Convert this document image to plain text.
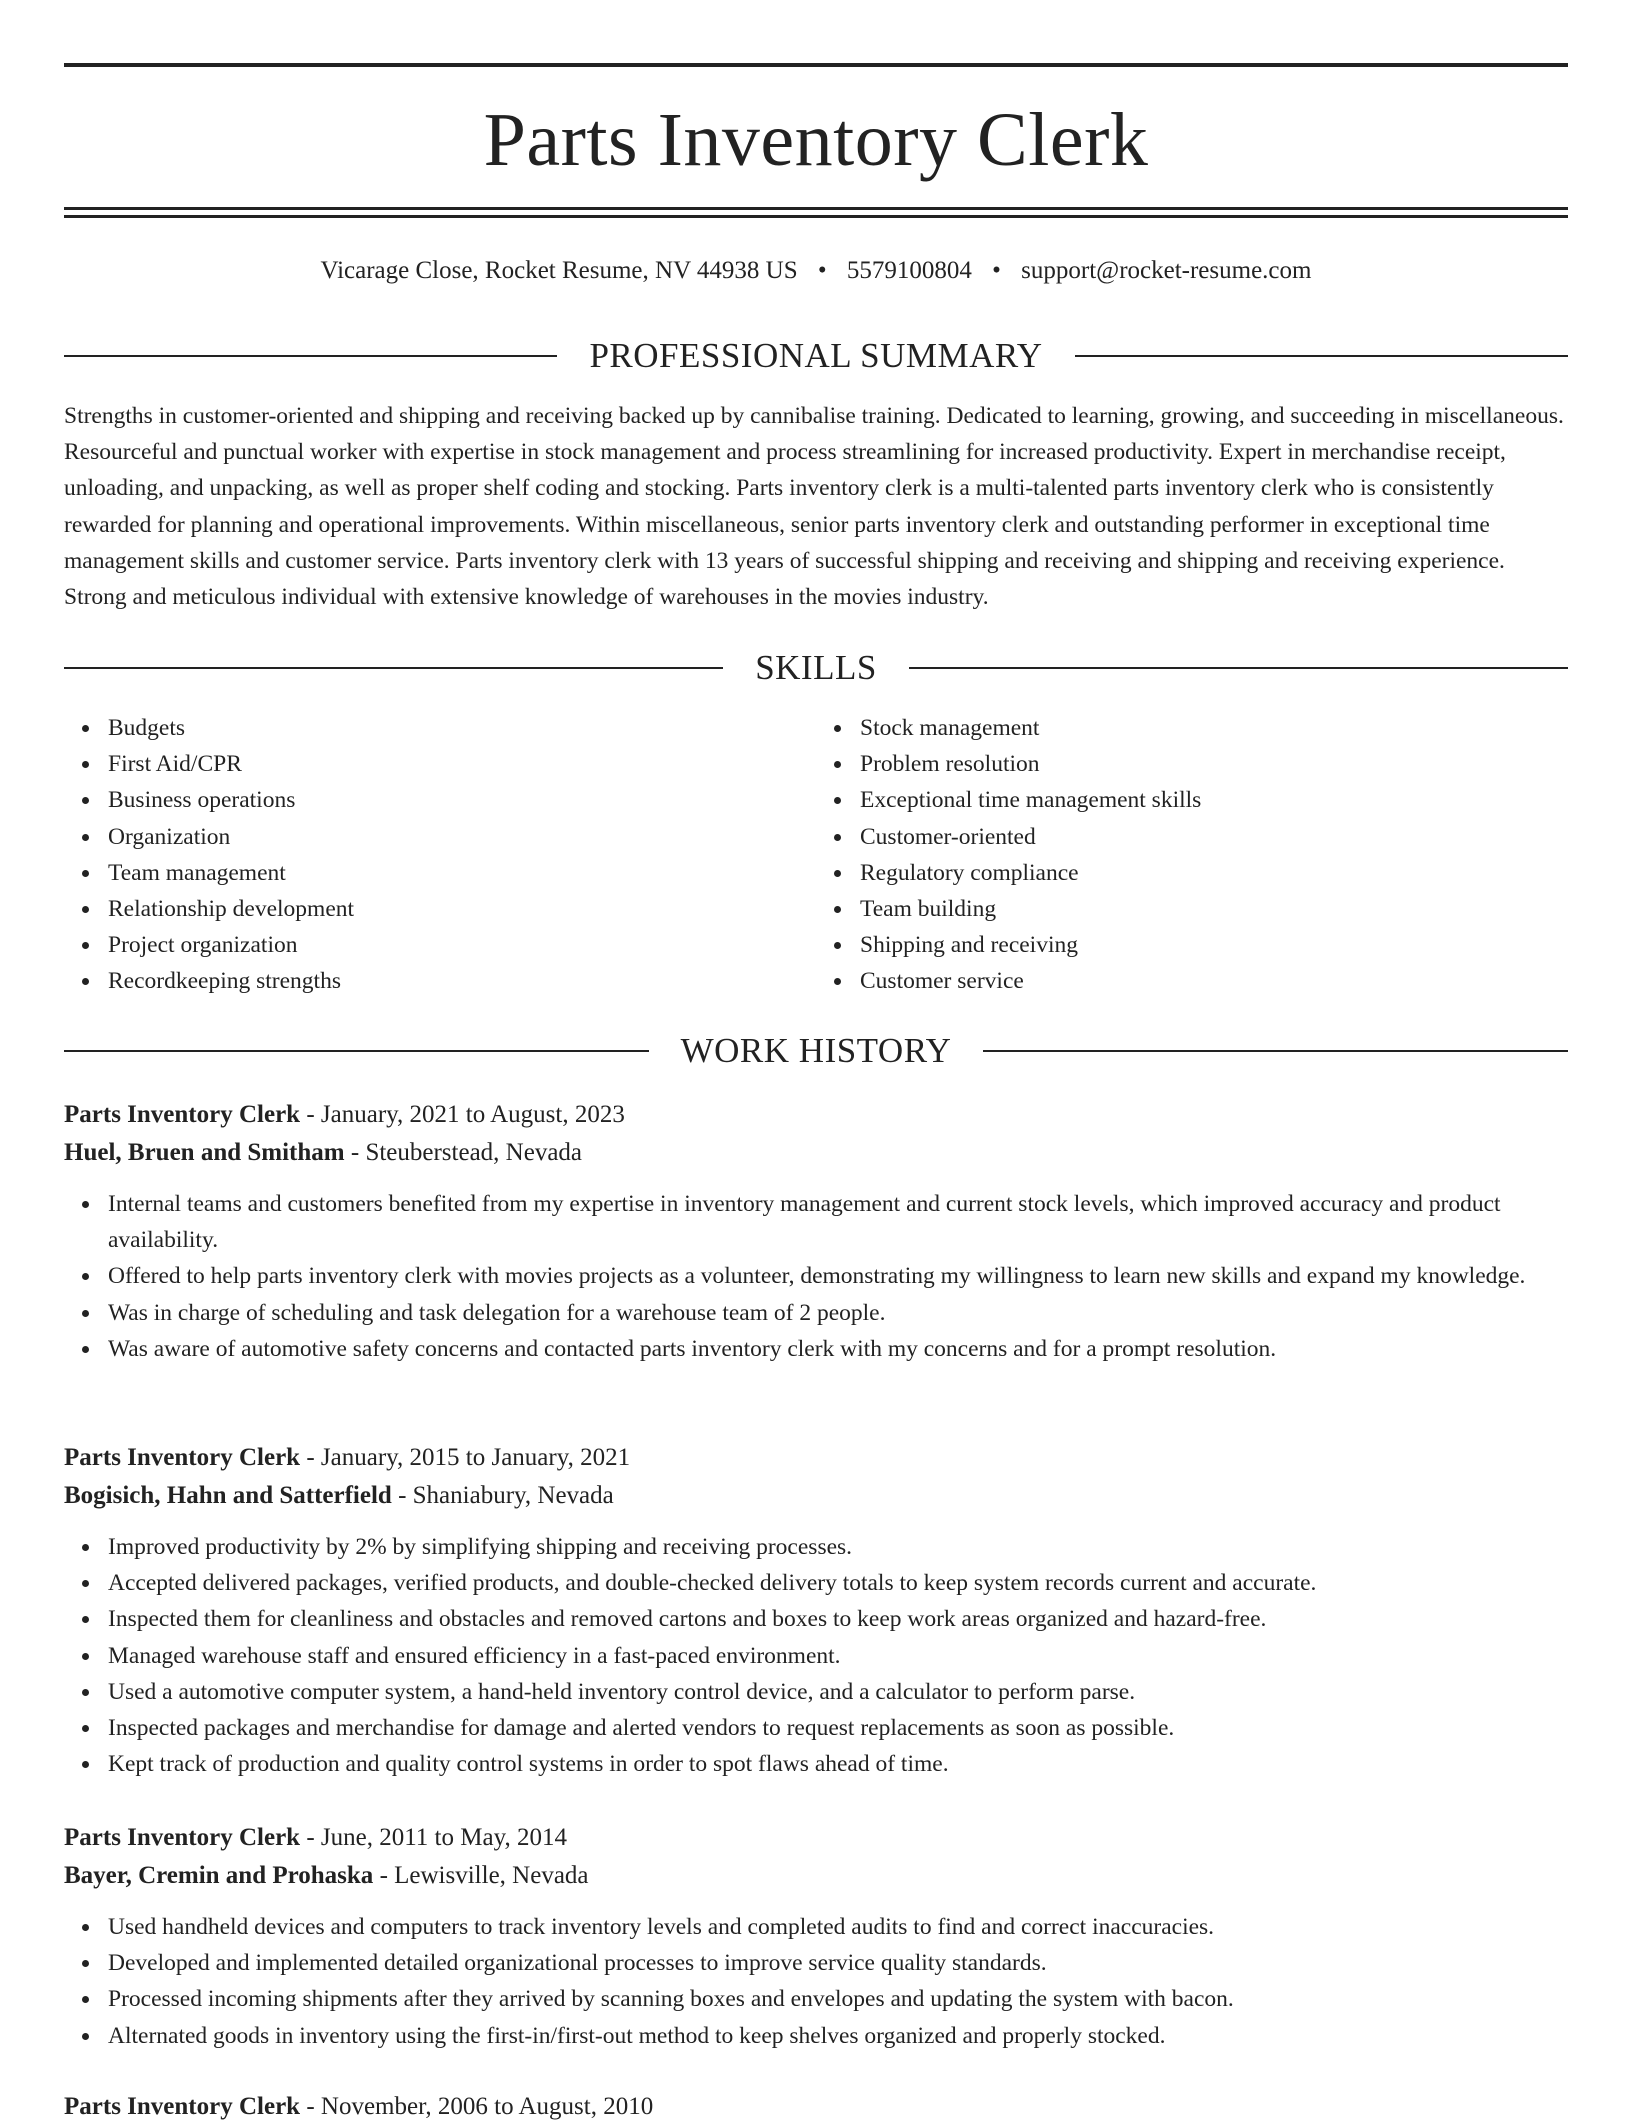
Parts Inventory Clerk
Vicarage Close, Rocket Resume, NV 44938 US • 5579100804 • support@rocket-resume.com
PROFESSIONAL SUMMARY

Strengths in customer-oriented and shipping and receiving backed up by cannibalise training. Dedicated to learning, growing, and succeeding in miscellaneous. Resourceful and punctual worker with expertise in stock management and process streamlining for increased productivity. Expert in merchandise receipt, unloading, and unpacking, as well as proper shelf coding and stocking. Parts inventory clerk is a multi-talented parts inventory clerk who is consistently rewarded for planning and operational improvements. Within miscellaneous, senior parts inventory clerk and outstanding performer in exceptional time management skills and customer service. Parts inventory clerk with 13 years of successful shipping and receiving and shipping and receiving experience. Strong and meticulous individual with extensive knowledge of warehouses in the movies industry.

SKILLS
Budgets
First Aid/CPR
Business operations
Organization
Team management
Relationship development
Project organization
Recordkeeping strengths
Stock management
Problem resolution
Exceptional time management skills
Customer-oriented
Regulatory compliance
Team building
Shipping and receiving
Customer service
WORK HISTORY

Parts Inventory Clerk - January, 2021 to August, 2023

Huel, Bruen and Smitham - Steuberstead, Nevada

Internal teams and customers benefited from my expertise in inventory management and current stock levels, which improved accuracy and product availability.
Offered to help parts inventory clerk with movies projects as a volunteer, demonstrating my willingness to learn new skills and expand my knowledge.
Was in charge of scheduling and task delegation for a warehouse team of 2 people.
Was aware of automotive safety concerns and contacted parts inventory clerk with my concerns and for a prompt resolution.

Parts Inventory Clerk - January, 2015 to January, 2021

Bogisich, Hahn and Satterfield - Shaniabury, Nevada

Improved productivity by 2% by simplifying shipping and receiving processes.
Accepted delivered packages, verified products, and double-checked delivery totals to keep system records current and accurate.
Inspected them for cleanliness and obstacles and removed cartons and boxes to keep work areas organized and hazard-free.
Managed warehouse staff and ensured efficiency in a fast-paced environment.
Used a automotive computer system, a hand-held inventory control device, and a calculator to perform parse.
Inspected packages and merchandise for damage and alerted vendors to request replacements as soon as possible.
Kept track of production and quality control systems in order to spot flaws ahead of time.

Parts Inventory Clerk - June, 2011 to May, 2014

Bayer, Cremin and Prohaska - Lewisville, Nevada

Used handheld devices and computers to track inventory levels and completed audits to find and correct inaccuracies.
Developed and implemented detailed organizational processes to improve service quality standards.
Processed incoming shipments after they arrived by scanning boxes and envelopes and updating the system with bacon.
Alternated goods in inventory using the first-in/first-out method to keep shelves organized and properly stocked.

Parts Inventory Clerk - November, 2006 to August, 2010
